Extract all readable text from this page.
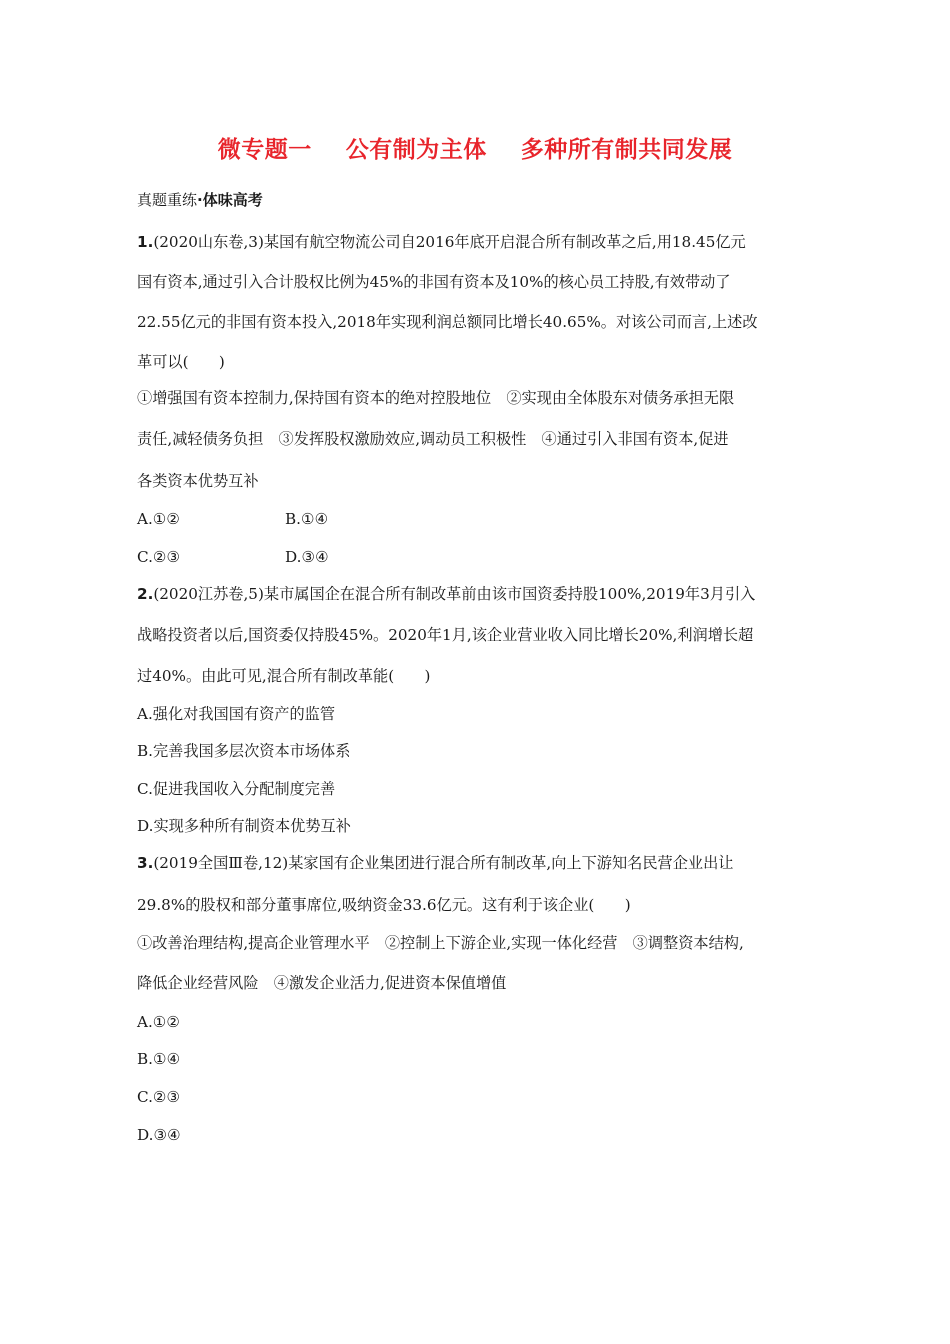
微专题一 公有制为主体 多种所有制共同发展
真题重练·体味高考
1.(2020山东卷,3)某国有航空物流公司自2016年底开启混合所有制改革之后,用18.45亿元
国有资本,通过引入合计股权比例为45%的非国有资本及10%的核心员工持股,有效带动了
22.55亿元的非国有资本投入,2018年实现利润总额同比增长40.65%。对该公司而言,上述改
革可以(　　)
①增强国有资本控制力,保持国有资本的绝对控股地位　②实现由全体股东对债务承担无限
责任,减轻债务负担　③发挥股权激励效应,调动员工积极性　④通过引入非国有资本,促进
各类资本优势互补
A.①②	B.①④
C.②③	D.③④
2.(2020江苏卷,5)某市属国企在混合所有制改革前由该市国资委持股100%,2019年3月引入
战略投资者以后,国资委仅持股45%。2020年1月,该企业营业收入同比增长20%,利润增长超
过40%。由此可见,混合所有制改革能(　　)
A.强化对我国国有资产的监管
B.完善我国多层次资本市场体系
C.促进我国收入分配制度完善
D.实现多种所有制资本优势互补
3.(2019全国Ⅲ卷,12)某家国有企业集团进行混合所有制改革,向上下游知名民营企业出让
29.8%的股权和部分董事席位,吸纳资金33.6亿元。这有利于该企业(　　)
①改善治理结构,提高企业管理水平　②控制上下游企业,实现一体化经营　③调整资本结构,
降低企业经营风险　④激发企业活力,促进资本保值增值
A.①②
B.①④
C.②③
D.③④
